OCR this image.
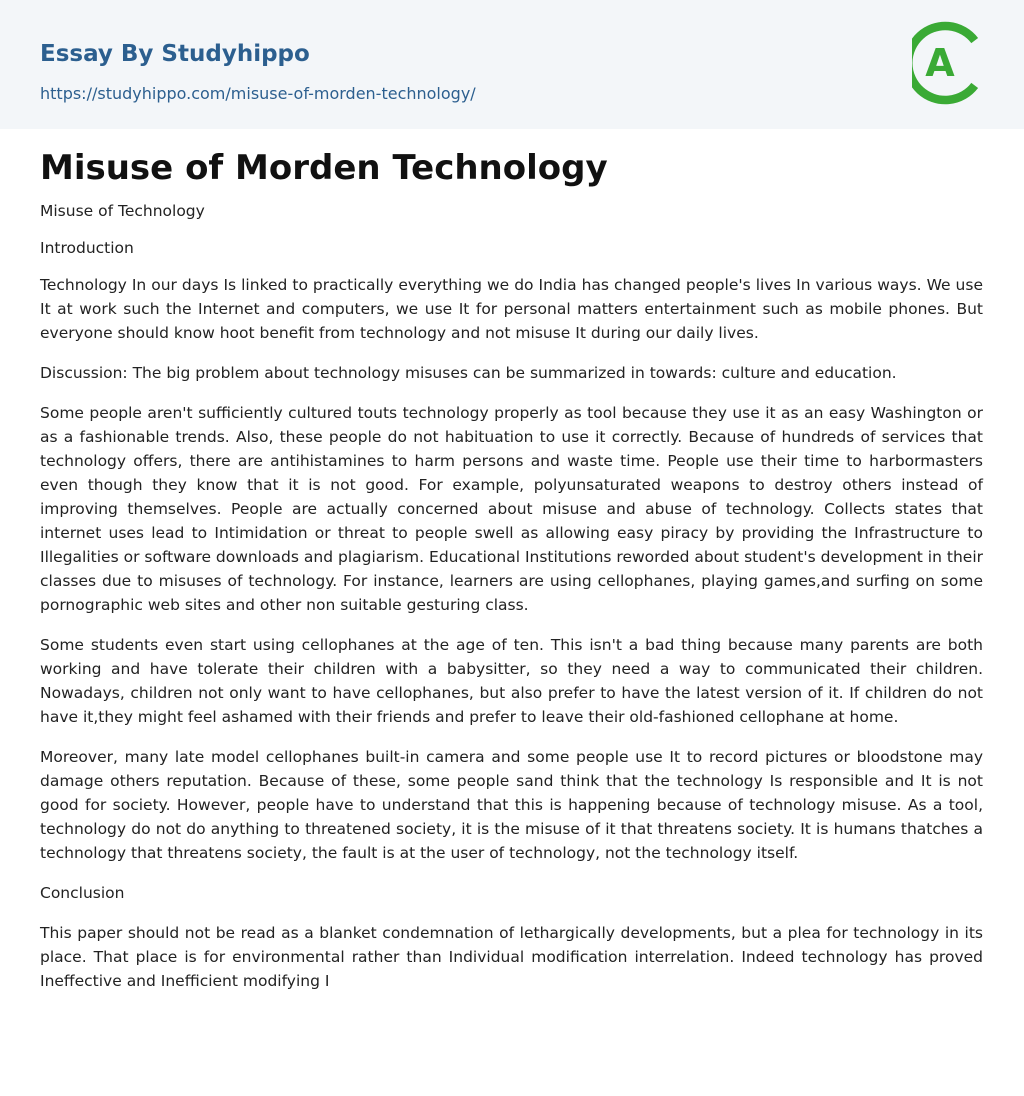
Essay By Studyhippo
https://studyhippo.com/misuse-of-morden-technology/
A
Misuse of Morden Technology

Misuse of Technology

Introduction

Technology In our days Is linked to practically everything we do India has changed people's lives In various ways. We use It at work such the Internet and computers, we use It for personal matters entertainment such as mobile phones. But everyone should know hoot benefit from technology and not misuse It during our daily lives.

Discussion: The big problem about technology misuses can be summarized in towards: culture and education.

Some people aren't sufficiently cultured touts technology properly as tool because they use it as an easy Washington or as a fashionable trends. Also, these people do not habituation to use it correctly. Because of hundreds of services that technology offers, there are antihistamines to harm persons and waste time. People use their time to harbormasters even though they know that it is not good. For example, polyunsaturated weapons to destroy others instead of improving themselves. People are actually concerned about misuse and abuse of technology. Collects states that internet uses lead to Intimidation or threat to people swell as allowing easy piracy by providing the Infrastructure to Illegalities or software downloads and plagiarism. Educational Institutions reworded about student's development in their classes due to misuses of technology. For instance, learners are using cellophanes, playing games,and surfing on some pornographic web sites and other non suitable gesturing class.

Some students even start using cellophanes at the age of ten. This isn't a bad thing because many parents are both working and have tolerate their children with a babysitter, so they need a way to communicated their children. Nowadays, children not only want to have cellophanes, but also prefer to have the latest version of it. If children do not have it,they might feel ashamed with their friends and prefer to leave their old-fashioned cellophane at home.

Moreover, many late model cellophanes built-in camera and some people use It to record pictures or bloodstone may damage others reputation. Because of these, some people sand think that the technology Is responsible and It is not good for society. However, people have to understand that this is happening because of technology misuse. As a tool, technology do not do anything to threatened society, it is the misuse of it that threatens society. It is humans thatches a technology that threatens society, the fault is at the user of technology, not the technology itself.

Conclusion

This paper should not be read as a blanket condemnation of lethargically developments, but a plea for technology in its place. That place is for environmental rather than Individual modification interrelation. Indeed technology has proved Ineffective and Inefficient modifying I
